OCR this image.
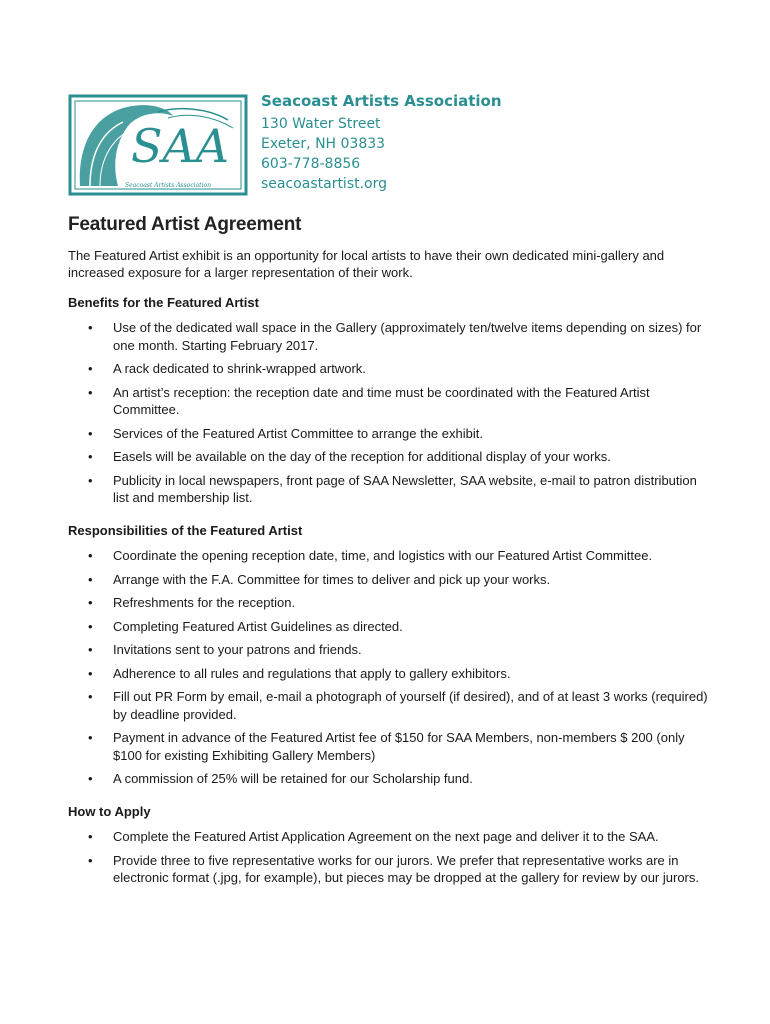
SAA
Seacoast Artists Association
Seacoast Artists Association
130 Water Street
Exeter, NH 03833
603-778-8856
seacoastartist.org
Featured Artist Agreement

The Featured Artist exhibit is an opportunity for local artists to have their own dedicated mini-gallery and increased exposure for a larger representation of their work.

Benefits for the Featured Artist
• Use of the dedicated wall space in the Gallery (approximately ten/twelve items depending on sizes) for one month. Starting February 2017.
• A rack dedicated to shrink-wrapped artwork.
• An artist’s reception: the reception date and time must be coordinated with the Featured Artist Committee.
• Services of the Featured Artist Committee to arrange the exhibit.
• Easels will be available on the day of the reception for additional display of your works.
• Publicity in local newspapers, front page of SAA Newsletter, SAA website, e-mail to patron distribution list and membership list.
Responsibilities of the Featured Artist
• Coordinate the opening reception date, time, and logistics with our Featured Artist Committee.
• Arrange with the F.A. Committee for times to deliver and pick up your works.
• Refreshments for the reception.
• Completing Featured Artist Guidelines as directed.
• Invitations sent to your patrons and friends.
• Adherence to all rules and regulations that apply to gallery exhibitors.
• Fill out PR Form by email, e-mail a photograph of yourself (if desired), and of at least 3 works (required) by deadline provided.
• Payment in advance of the Featured Artist fee of $150 for SAA Members, non-members $ 200 (only $100 for existing Exhibiting Gallery Members)
• A commission of 25% will be retained for our Scholarship fund.
How to Apply
• Complete the Featured Artist Application Agreement on the next page and deliver it to the SAA.
• Provide three to five representative works for our jurors. We prefer that representative works are in electronic format (.jpg, for example), but pieces may be dropped at the gallery for review by our jurors.
